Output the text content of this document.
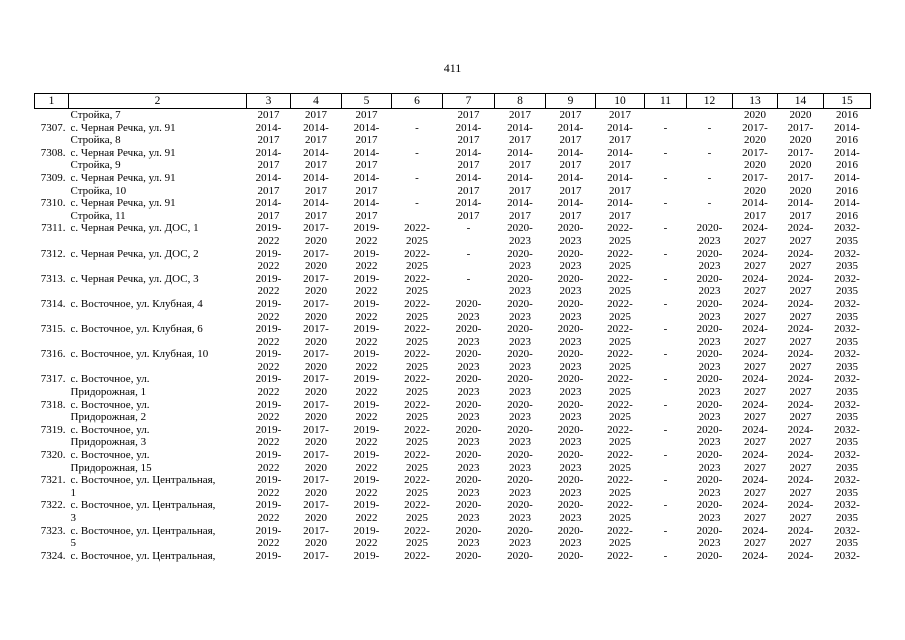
411
1	2	3	4	5	6	7	8	9	10	11	12	13	14	15
	Стройка, 7	2017	2017	2017		2017	2017	2017	2017			2020	2020	2016
7307.	с. Черная Речка, ул. 91	2014-	2014-	2014-	-	2014-	2014-	2014-	2014-	-	-	2017-	2017-	2014-
	Стройка, 8	2017	2017	2017		2017	2017	2017	2017			2020	2020	2016
7308.	с. Черная Речка, ул. 91	2014-	2014-	2014-	-	2014-	2014-	2014-	2014-	-	-	2017-	2017-	2014-
	Стройка, 9	2017	2017	2017		2017	2017	2017	2017			2020	2020	2016
7309.	с. Черная Речка, ул. 91	2014-	2014-	2014-	-	2014-	2014-	2014-	2014-	-	-	2017-	2017-	2014-
	Стройка, 10	2017	2017	2017		2017	2017	2017	2017			2020	2020	2016
7310.	с. Черная Речка, ул. 91	2014-	2014-	2014-	-	2014-	2014-	2014-	2014-	-	-	2014-	2014-	2014-
	Стройка, 11	2017	2017	2017		2017	2017	2017	2017			2017	2017	2016
7311.	с. Черная Речка, ул. ДОС, 1	2019-	2017-	2019-	2022-	-	2020-	2020-	2022-	-	2020-	2024-	2024-	2032-
		2022	2020	2022	2025		2023	2023	2025		2023	2027	2027	2035
7312.	с. Черная Речка, ул. ДОС, 2	2019-	2017-	2019-	2022-	-	2020-	2020-	2022-	-	2020-	2024-	2024-	2032-
		2022	2020	2022	2025		2023	2023	2025		2023	2027	2027	2035
7313.	с. Черная Речка, ул. ДОС, 3	2019-	2017-	2019-	2022-	-	2020-	2020-	2022-	-	2020-	2024-	2024-	2032-
		2022	2020	2022	2025		2023	2023	2025		2023	2027	2027	2035
7314.	с. Восточное, ул. Клубная, 4	2019-	2017-	2019-	2022-	2020-	2020-	2020-	2022-	-	2020-	2024-	2024-	2032-
		2022	2020	2022	2025	2023	2023	2023	2025		2023	2027	2027	2035
7315.	с. Восточное, ул. Клубная, 6	2019-	2017-	2019-	2022-	2020-	2020-	2020-	2022-	-	2020-	2024-	2024-	2032-
		2022	2020	2022	2025	2023	2023	2023	2025		2023	2027	2027	2035
7316.	с. Восточное, ул. Клубная, 10	2019-	2017-	2019-	2022-	2020-	2020-	2020-	2022-	-	2020-	2024-	2024-	2032-
		2022	2020	2022	2025	2023	2023	2023	2025		2023	2027	2027	2035
7317.	с. Восточное, ул.	2019-	2017-	2019-	2022-	2020-	2020-	2020-	2022-	-	2020-	2024-	2024-	2032-
	Придорожная, 1	2022	2020	2022	2025	2023	2023	2023	2025		2023	2027	2027	2035
7318.	с. Восточное, ул.	2019-	2017-	2019-	2022-	2020-	2020-	2020-	2022-	-	2020-	2024-	2024-	2032-
	Придорожная, 2	2022	2020	2022	2025	2023	2023	2023	2025		2023	2027	2027	2035
7319.	с. Восточное, ул.	2019-	2017-	2019-	2022-	2020-	2020-	2020-	2022-	-	2020-	2024-	2024-	2032-
	Придорожная, 3	2022	2020	2022	2025	2023	2023	2023	2025		2023	2027	2027	2035
7320.	с. Восточное, ул.	2019-	2017-	2019-	2022-	2020-	2020-	2020-	2022-	-	2020-	2024-	2024-	2032-
	Придорожная, 15	2022	2020	2022	2025	2023	2023	2023	2025		2023	2027	2027	2035
7321.	с. Восточное, ул. Центральная,	2019-	2017-	2019-	2022-	2020-	2020-	2020-	2022-	-	2020-	2024-	2024-	2032-
	1	2022	2020	2022	2025	2023	2023	2023	2025		2023	2027	2027	2035
7322.	с. Восточное, ул. Центральная,	2019-	2017-	2019-	2022-	2020-	2020-	2020-	2022-	-	2020-	2024-	2024-	2032-
	3	2022	2020	2022	2025	2023	2023	2023	2025		2023	2027	2027	2035
7323.	с. Восточное, ул. Центральная,	2019-	2017-	2019-	2022-	2020-	2020-	2020-	2022-	-	2020-	2024-	2024-	2032-
	5	2022	2020	2022	2025	2023	2023	2023	2025		2023	2027	2027	2035
7324.	с. Восточное, ул. Центральная,	2019-	2017-	2019-	2022-	2020-	2020-	2020-	2022-	-	2020-	2024-	2024-	2032-
